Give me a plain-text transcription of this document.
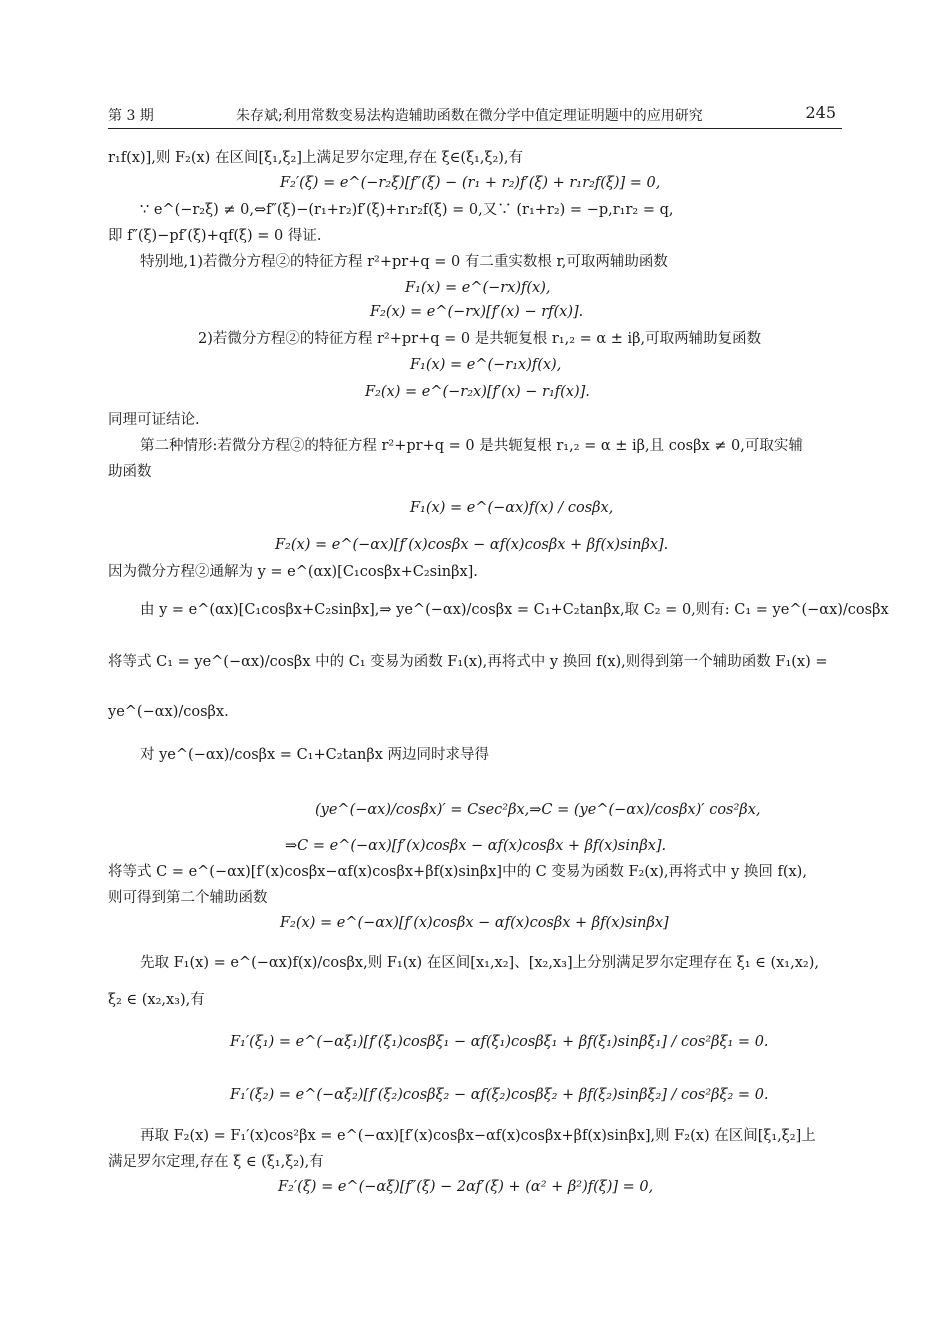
第 3 期	朱存斌;利用常数变易法构造辅助函数在微分学中值定理证明题中的应用研究	245
r₁f(x)],则 F₂(x) 在区间[ξ₁,ξ₂]上满足罗尔定理,存在 ξ∈(ξ₁,ξ₂),有
F₂′(ξ) = e^(−r₂ξ)[f″(ξ) − (r₁ + r₂)f′(ξ) + r₁r₂f(ξ)] = 0,
∵ e^(−r₂ξ) ≠ 0,⇔f″(ξ)−(r₁+r₂)f′(ξ)+r₁r₂f(ξ) = 0,又∵ (r₁+r₂) = −p,r₁r₂ = q,
即 f″(ξ)−pf′(ξ)+qf(ξ) = 0 得证.
特别地,1)若微分方程②的特征方程 r²+pr+q = 0 有二重实数根 r,可取两辅助函数
F₁(x) = e^(−rx)f(x),
F₂(x) = e^(−rx)[f′(x) − rf(x)].
2)若微分方程②的特征方程 r²+pr+q = 0 是共轭复根 r₁,₂ = α ± iβ,可取两辅助复函数
F₁(x) = e^(−r₁x)f(x),
F₂(x) = e^(−r₂x)[f′(x) − r₁f(x)].
同理可证结论.
第二种情形:若微分方程②的特征方程 r²+pr+q = 0 是共轭复根 r₁,₂ = α ± iβ,且 cosβx ≠ 0,可取实辅
助函数
F₁(x) = e^(−αx)f(x) / cosβx,
F₂(x) = e^(−αx)[f′(x)cosβx − αf(x)cosβx + βf(x)sinβx].
因为微分方程②通解为 y = e^(αx)[C₁cosβx+C₂sinβx].
由 y = e^(αx)[C₁cosβx+C₂sinβx],⇒ ye^(−αx)/cosβx = C₁+C₂tanβx,取 C₂ = 0,则有: C₁ = ye^(−αx)/cosβx
将等式 C₁ = ye^(−αx)/cosβx 中的 C₁ 变易为函数 F₁(x),再将式中 y 换回 f(x),则得到第一个辅助函数 F₁(x) =
ye^(−αx)/cosβx.
对 ye^(−αx)/cosβx = C₁+C₂tanβx 两边同时求导得
(ye^(−αx)/cosβx)′ = Csec²βx,⇒C = (ye^(−αx)/cosβx)′ cos²βx,
⇒C = e^(−αx)[f′(x)cosβx − αf(x)cosβx + βf(x)sinβx].
将等式 C = e^(−αx)[f′(x)cosβx−αf(x)cosβx+βf(x)sinβx]中的 C 变易为函数 F₂(x),再将式中 y 换回 f(x),
则可得到第二个辅助函数
F₂(x) = e^(−αx)[f′(x)cosβx − αf(x)cosβx + βf(x)sinβx]
先取 F₁(x) = e^(−αx)f(x)/cosβx,则 F₁(x) 在区间[x₁,x₂]、[x₂,x₃]上分别满足罗尔定理存在 ξ₁ ∈ (x₁,x₂),
ξ₂ ∈ (x₂,x₃),有
F₁′(ξ₁) = e^(−αξ₁)[f′(ξ₁)cosβξ₁ − αf(ξ₁)cosβξ₁ + βf(ξ₁)sinβξ₁] / cos²βξ₁ = 0.
F₁′(ξ₂) = e^(−αξ₂)[f′(ξ₂)cosβξ₂ − αf(ξ₂)cosβξ₂ + βf(ξ₂)sinβξ₂] / cos²βξ₂ = 0.
再取 F₂(x) = F₁′(x)cos²βx = e^(−αx)[f′(x)cosβx−αf(x)cosβx+βf(x)sinβx],则 F₂(x) 在区间[ξ₁,ξ₂]上
满足罗尔定理,存在 ξ ∈ (ξ₁,ξ₂),有
F₂′(ξ) = e^(−αξ)[f″(ξ) − 2αf′(ξ) + (α² + β²)f(ξ)] = 0,
